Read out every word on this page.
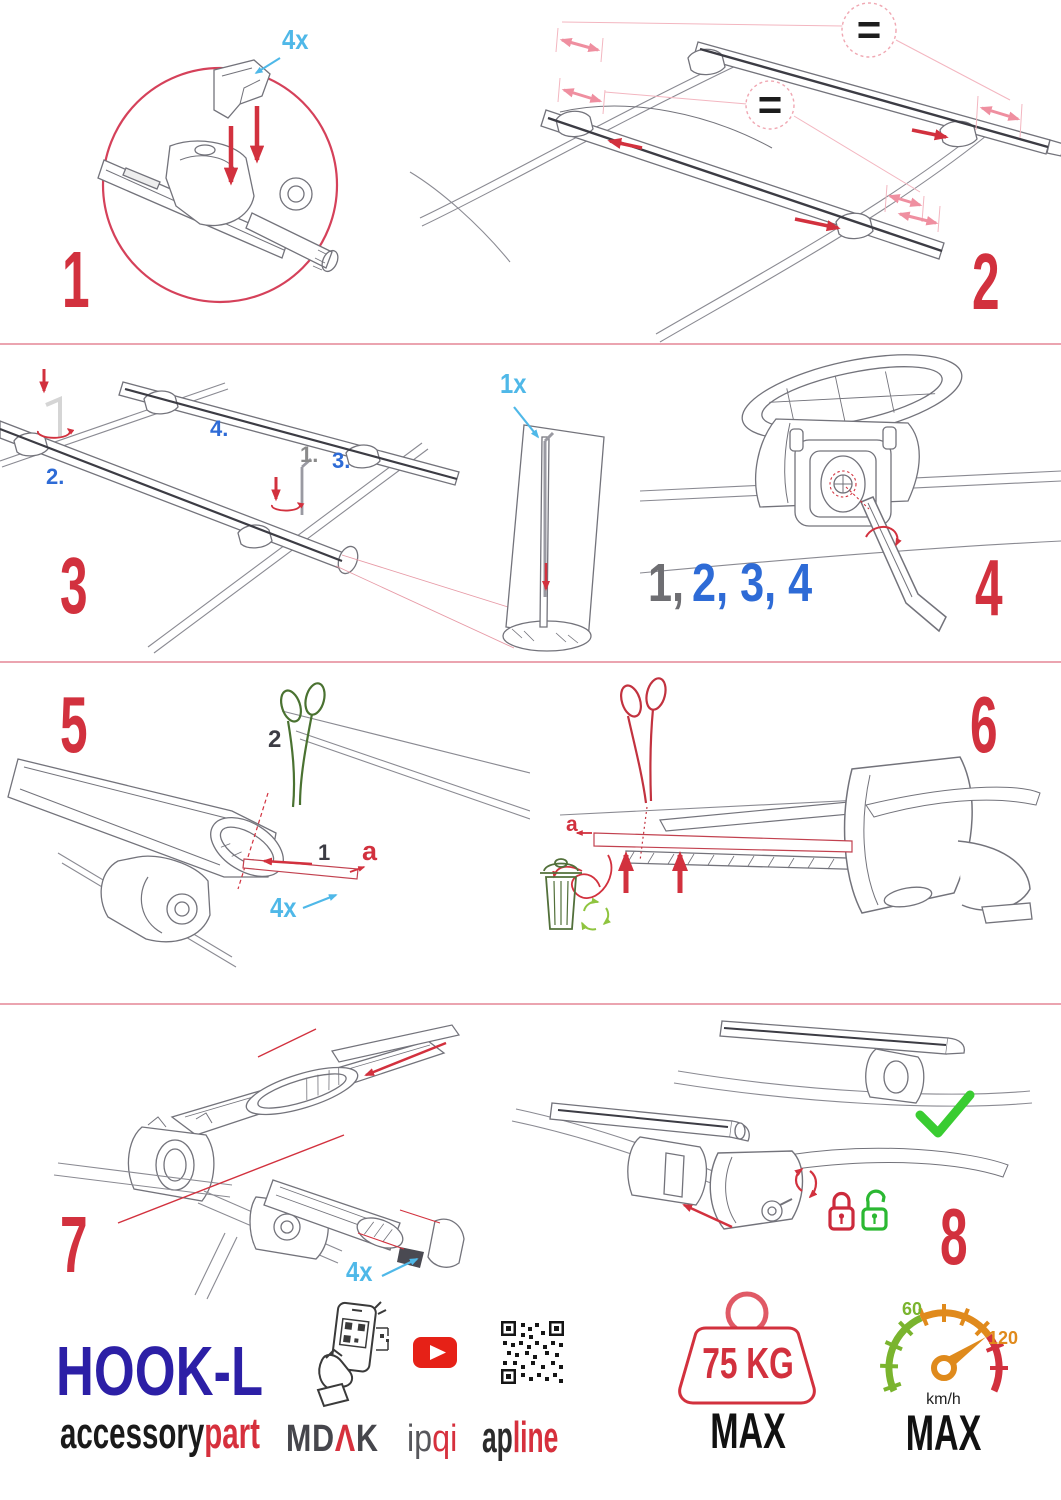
1	2
3	4
5	6
7	8
4x
1x
4x
4x
=
=
1.
2.
3.
4.
1, 2, 3, 4
2
1 a
a
HOOK-L
accessorypart MDΛK ipqi apline
75 KG
MAX
60
120
km/h
MAX
